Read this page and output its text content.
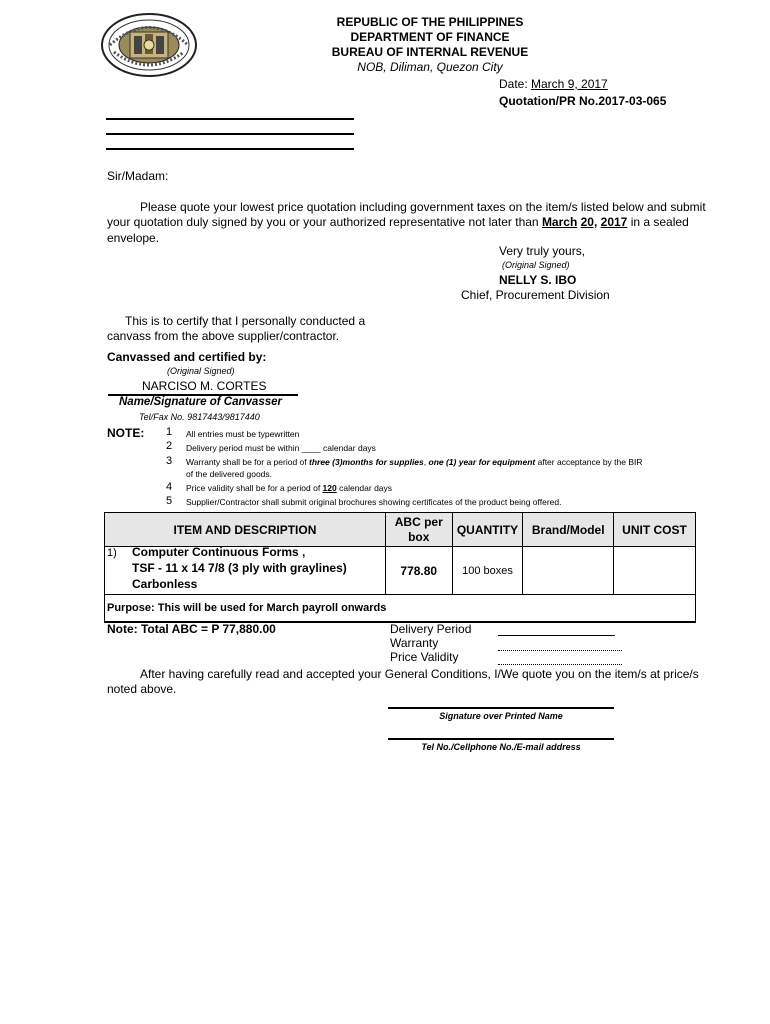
REPUBLIC OF THE PHILIPPINES
DEPARTMENT OF FINANCE
BUREAU OF INTERNAL REVENUE
NOB, Diliman, Quezon City
Date: March 9, 2017
Quotation/PR No.2017-03-065
Sir/Madam:
Please quote your lowest price quotation including government taxes on the item/s listed below and submit
your quotation duly signed by you or your authorized representative not later than March 20, 2017 in a sealed
envelope.
Very truly yours,
(Original Signed)
NELLY S. IBO
Chief, Procurement Division
This is to certify that I personally conducted a
canvass from the above supplier/contractor.
Canvassed and certified by:
(Original Signed)
NARCISO M. CORTES
Name/Signature of Canvasser
Tel/Fax No. 9817443/9817440
NOTE: 1 All entries must be typewritten
2 Delivery period must be within ____ calendar days
3 Warranty shall be for a period of three (3)months for supplies, one (1) year for equipment after acceptance by the BIR
of the delivered goods.
4 Price validity shall be for a period of 120 calendar days
5 Supplier/Contractor shall submit original brochures showing certificates of the product being offered.
ITEM AND DESCRIPTION	ABC per box	QUANTITY	Brand/Model	UNIT COST

1) Computer Continuous Forms ,
TSF - 11 x 14 7/8 (3 ply with graylines)
Carbonless	778.80	100 boxes		
Purpose: This will be used for March payroll onwards				
Note: Total ABC = P 77,880.00	Delivery Period
Warranty
Price Validity
After having carefully read and accepted your General Conditions, I/We quote you on the item/s at price/s
noted above.
Signature over Printed Name
Tel No./Cellphone No./E-mail address
